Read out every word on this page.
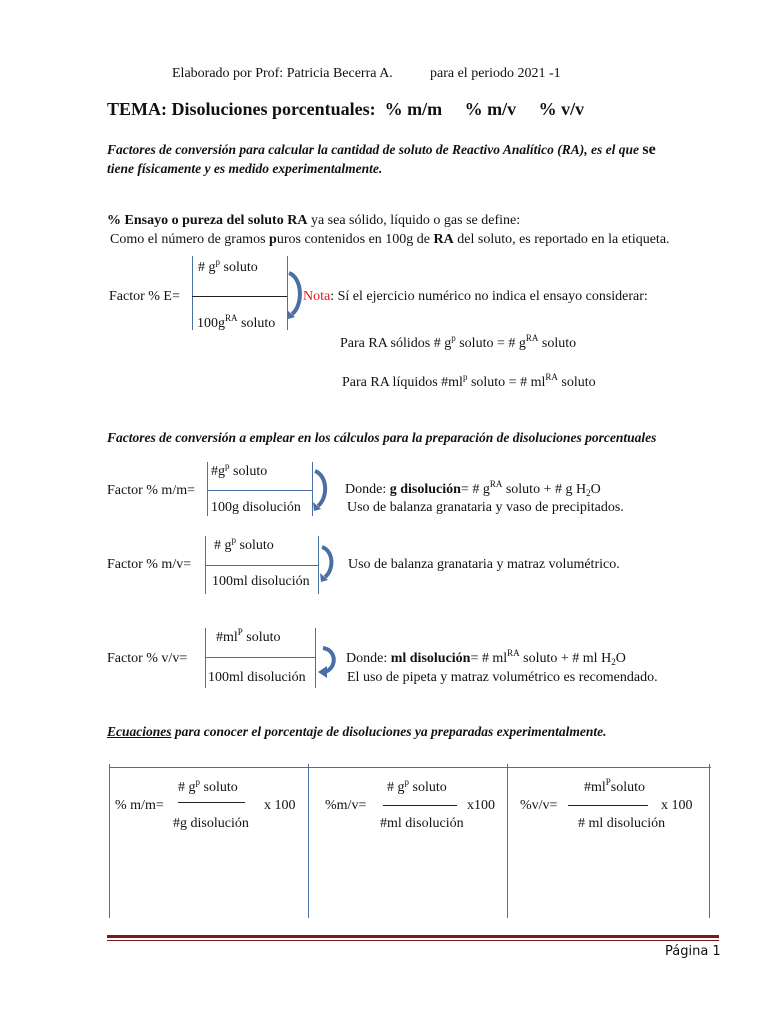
Elaborado por Prof: Patricia Becerra A.	para el periodo 2021 -1
TEMA: Disoluciones porcentuales: % m/m % m/v % v/v
Factores de conversión para calcular la cantidad de soluto de Reactivo Analítico (RA), es el que se
tiene físicamente y es medido experimentalmente.
% Ensayo o pureza del soluto RA ya sea sólido, líquido o gas se define:
Como el número de gramos puros contenidos en 100g de RA del soluto, es reportado en la etiqueta.
# $g^p$ soluto
Factor % E=
$100g^{RA}$ soluto
Nota: Sí el ejercicio numérico no indica el ensayo considerar:
Para RA sólidos # $g^p$ soluto = # $g^{RA}$ soluto
Para RA líquidos $\#ml^p$ soluto = # $ml^{RA}$ soluto
Factores de conversión a emplear en los cálculos para la preparación de disoluciones porcentuales
$\#g^p$ soluto
Factor % m/m=
100g disolución
Donde: g disolución= # $g^{RA}$ soluto + # g $H_2O$
Uso de balanza granataria y vaso de precipitados.
# $g^p$ soluto
Factor % m/v=
100ml disolución
Uso de balanza granataria y matraz volumétrico.
$\#ml^P$ soluto
Factor % v/v=
100ml disolución
Donde: ml disolución= # $ml^{RA}$ soluto + # ml $H_2O$
El uso de pipeta y matraz volumétrico es recomendado.
Ecuaciones para conocer el porcentaje de disoluciones ya preparadas experimentalmente.
# $g^p$ soluto
% m/m=	x 100
#g disolución
# $g^p$ soluto
%m/v=	x100
#ml disolución
$\#ml^Psoluto$
%v/v=	x 100
# ml disolución
Página 1
